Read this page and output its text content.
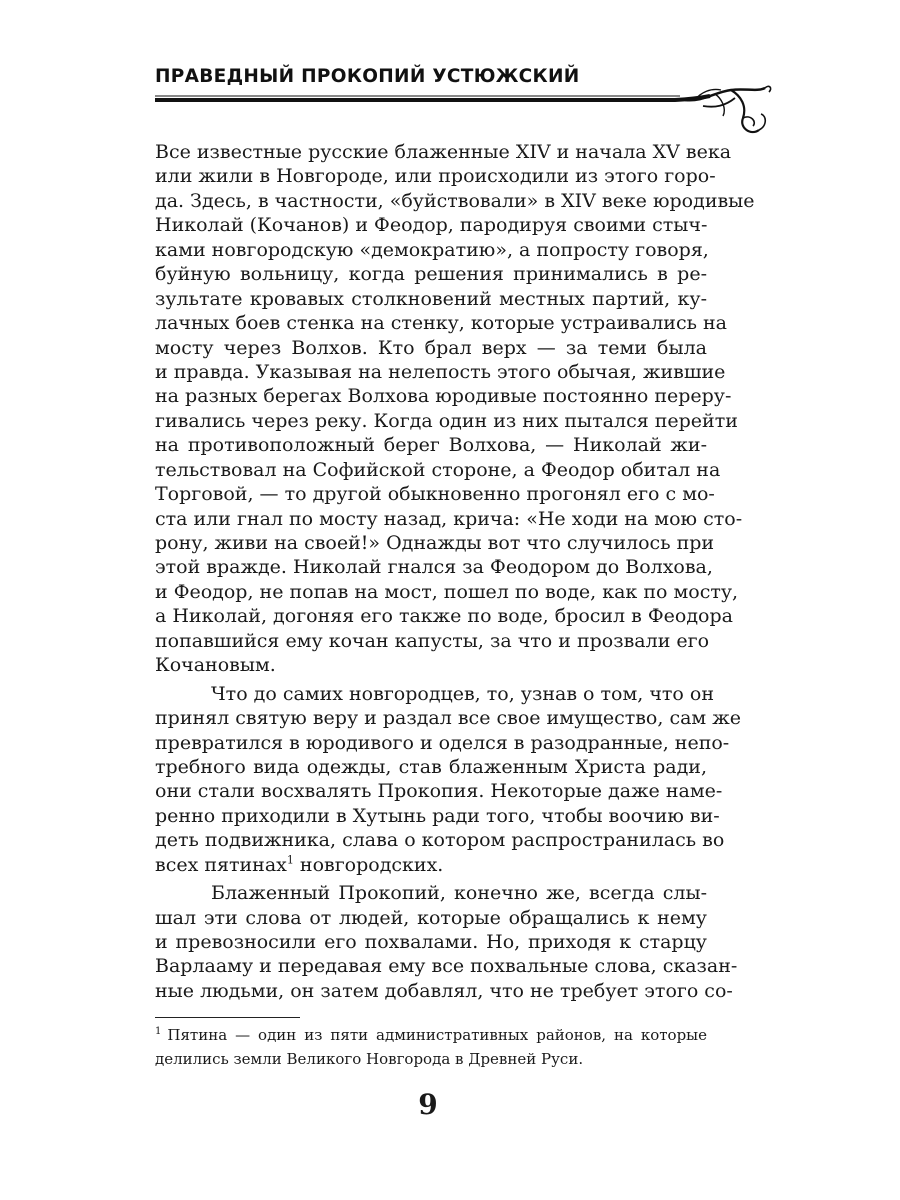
ПРАВЕДНЫЙ ПРОКОПИЙ УСТЮЖСКИЙ
Все известные русские блаженные XIV и начала XV века
или жили в Новгороде, или происходили из этого горо-
да. Здесь, в частности, «буйствовали» в XIV веке юродивые
Николай (Кочанов) и Феодор, пародируя своими стыч-
ками новгородскую «демократию», а попросту говоря,
буйную вольницу, когда решения принимались в ре-
зультате кровавых столкновений местных партий, ку-
лачных боев стенка на стенку, которые устраивались на
мосту через Волхов. Кто брал верх — за теми была
и правда. Указывая на нелепость этого обычая, жившие
на разных берегах Волхова юродивые постоянно переру-
гивались через реку. Когда один из них пытался перейти
на противоположный берег Волхова, — Николай жи-
тельствовал на Софийской стороне, а Феодор обитал на
Торговой, — то другой обыкновенно прогонял его с мо-
ста или гнал по мосту назад, крича: «Не ходи на мою сто-
рону, живи на своей!» Однажды вот что случилось при
этой вражде. Николай гнался за Феодором до Волхова,
и Феодор, не попав на мост, пошел по воде, как по мосту,
а Николай, догоняя его также по воде, бросил в Феодора
попавшийся ему кочан капусты, за что и прозвали его
Кочановым.
Что до самих новгородцев, то, узнав о том, что он
принял святую веру и раздал все свое имущество, сам же
превратился в юродивого и оделся в разодранные, непо-
требного вида одежды, став блаженным Христа ради,
они стали восхвалять Прокопия. Некоторые даже наме-
ренно приходили в Хутынь ради того, чтобы воочию ви-
деть подвижника, слава о котором распространилась во
всех пятинах$^1$ новгородских.
Блаженный Прокопий, конечно же, всегда слы-
шал эти слова от людей, которые обращались к нему
и превозносили его похвалами. Но, приходя к старцу
Варлааму и передавая ему все похвальные слова, сказан-
ные людьми, он затем добавлял, что не требует этого со-
$^1$ Пятина — один из пяти административных районов, на которые
делились земли Великого Новгорода в Древней Руси.
9
